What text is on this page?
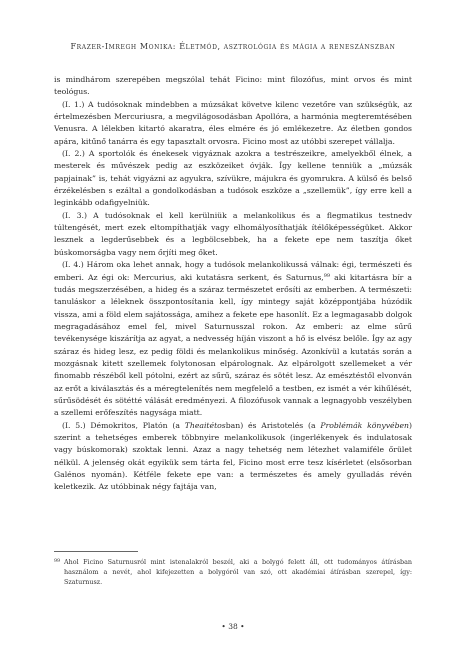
Frazer-Imregh Monika: Életmód, asztrológia és mágia a reneszánszban

is mindhárom szerepében megszólal tehát Ficino: mint filozófus, mint orvos és mint teológus.

(I. 1.) A tudósoknak mindebben a múzsákat követve kilenc vezetőre van szükségük, az értelmezésben Mercuriusra, a megvilágosodásban Apollóra, a harmónia megteremtésében Venusra. A lélekben kitartó akaratra, éles elmére és jó emlékezetre. Az életben gondos apára, kitűnő tanárra és egy tapasztalt orvosra. Ficino most az utóbbi szerepet vállalja.

(I. 2.) A sportolók és énekesek vigyáznak azokra a testrészeikre, amelyekből élnek, a mesterek és művészek pedig az eszközeiket óvják. Így kellene tenniük a „múzsák papjainak” is, tehát vigyázni az agyukra, szívükre, májukra és gyomrukra. A külső és belső érzékelésben s ezáltal a gondolkodásban a tudósok eszköze a „szellemük”, így erre kell a leginkább odafigyelniük.

(I. 3.) A tudósoknak el kell kerülniük a melankolikus és a flegmatikus testnedv túltengését, mert ezek eltompíthatják vagy elhomályosíthatják ítélőképességüket. Akkor lesznek a legderűsebbek és a legbölcsebbek, ha a fekete epe nem taszítja őket búskomorságba vagy nem őrjíti meg őket.

(I. 4.) Három oka lehet annak, hogy a tudósok melankolikussá válnak: égi, természeti és emberi. Az égi ok: Mercurius, aki kutatásra serkent, és Saturnus,$^{99}$ aki kitartásra bír a tudás megszerzésében, a hideg és a száraz természetet erősíti az emberben. A természeti: tanuláskor a léleknek összpontosítania kell, így mintegy saját középpontjába húzódik vissza, ami a föld elem sajátossága, amihez a fekete epe hasonlít. Ez a legmagasabb dolgok megragadásához emel fel, mivel Saturnusszal rokon. Az emberi: az elme sűrű tevékenysége kiszárítja az agyat, a nedvesség híján viszont a hő is elvész belőle. Így az agy száraz és hideg lesz, ez pedig földi és melankolikus minőség. Azonkívül a kutatás során a mozgásnak kitett szellemek folytonosan elpárolognak. Az elpárolgott szellemeket a vér finomabb részéből kell pótolni, ezért az sűrű, száraz és sötét lesz. Az emésztéstől elvonván az erőt a kiválasztás és a méregtelenítés nem megfelelő a testben, ez ismét a vér kihűlését, sűrűsödését és sötétté válását eredményezi. A filozófusok vannak a legnagyobb veszélyben a szellemi erőfeszítés nagysága miatt.

(I. 5.) Démokritos, Platón (a Theaitétosban) és Aristotelés (a Problémák könyvében) szerint a tehetséges emberek többnyire melankolikusok (ingerlékenyek és indulatosak vagy búskomorak) szoktak lenni. Azaz a nagy tehetség nem létezhet valamiféle őrület nélkül. A jelenség okát egyikük sem tárta fel, Ficino most erre tesz kísérletet (elsősorban Galénos nyomán). Kétféle fekete epe van: a természetes és amely gyulladás révén keletkezik. Az utóbbinak négy fajtája van,

99 Ahol Ficino Saturnusról mint istenalakról beszél, aki a bolygó felett áll, ott tudományos átírásban használom a nevét, ahol kifejezetten a bolygóról van szó, ott akadémiai átírásban szerepel, így: Szaturnusz.
• 38 •
